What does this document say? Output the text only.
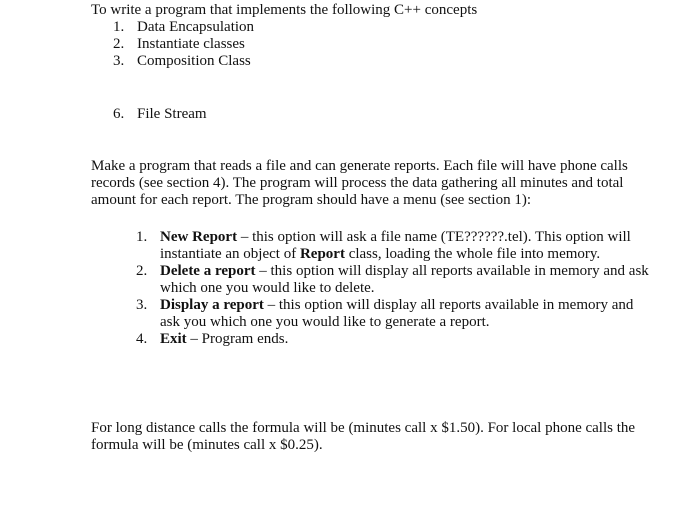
To write a program that implements the following C++ concepts
1. Data Encapsulation
2. Instantiate classes
3. Composition Class
6. File Stream
Make a program that reads a file and can generate reports. Each file will have phone calls records (see section 4). The program will process the data gathering all minutes and total amount for each report. The program should have a menu (see section 1):
1. New Report – this option will ask a file name (TE??????.tel). This option will instantiate an object of Report class, loading the whole file into memory.
2. Delete a report – this option will display all reports available in memory and ask which one you would like to delete.
3. Display a report – this option will display all reports available in memory and ask you which one you would like to generate a report.
4. Exit – Program ends.
For long distance calls the formula will be (minutes call x $1.50). For local phone calls the formula will be (minutes call x $0.25).
